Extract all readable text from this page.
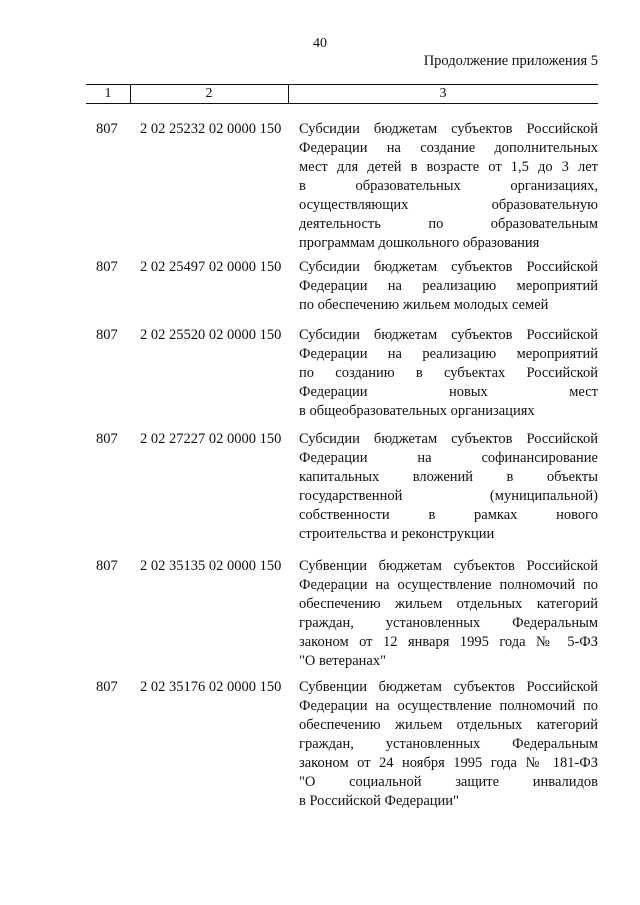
40
Продолжение приложения 5
1	2	3
807 2 02 25232 02 0000 150 Субсидии бюджетам субъектов Российской
Федерации на создание дополнительных
мест для детей в возрасте от 1,5 до 3 лет
в образовательных организациях,
осуществляющих образовательную
деятельность по образовательным
программам дошкольного образования
807 2 02 25497 02 0000 150 Субсидии бюджетам субъектов Российской
Федерации на реализацию мероприятий
по обеспечению жильем молодых семей
807 2 02 25520 02 0000 150 Субсидии бюджетам субъектов Российской
Федерации на реализацию мероприятий
по созданию в субъектах Российской
Федерации новых мест
в общеобразовательных организациях
807 2 02 27227 02 0000 150 Субсидии бюджетам субъектов Российской
Федерации на софинансирование
капитальных вложений в объекты
государственной (муниципальной)
собственности в рамках нового
строительства и реконструкции
807 2 02 35135 02 0000 150 Субвенции бюджетам субъектов Российской
Федерации на осуществление полномочий по
обеспечению жильем отдельных категорий
граждан, установленных Федеральным
законом от 12 января 1995 года № 5-ФЗ
"О ветеранах"
807 2 02 35176 02 0000 150 Субвенции бюджетам субъектов Российской
Федерации на осуществление полномочий по
обеспечению жильем отдельных категорий
граждан, установленных Федеральным
законом от 24 ноября 1995 года № 181-ФЗ
"О социальной защите инвалидов
в Российской Федерации"
